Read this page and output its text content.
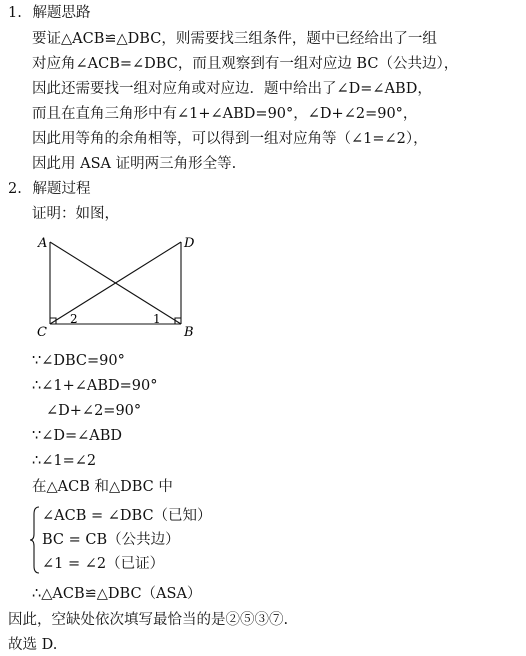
1. 解题思路
要证△ACB≌△DBC，则需要找三组条件，题中已经给出了一组
对应角∠ACB=∠DBC，而且观察到有一组对应边 BC（公共边），
因此还需要找一组对应角或对应边．题中给出了∠D=∠ABD，
而且在直角三角形中有∠1+∠ABD=90°，∠D+∠2=90°，
因此用等角的余角相等，可以得到一组对应角等（∠1=∠2），
因此用 ASA 证明两三角形全等.
2. 解题过程
证明：如图，
A	D
C	B
2	1
∵∠DBC=90°
∴∠1+∠ABD=90°
∠D+∠2=90°
∵∠D=∠ABD
∴∠1=∠2
在△ACB 和△DBC 中
∠ACB = ∠DBC（已知）
BC = CB（公共边）
∠1 = ∠2（已证）
∴△ACB≌△DBC（ASA）
因此，空缺处依次填写最恰当的是②⑤③⑦.
故选 D.
